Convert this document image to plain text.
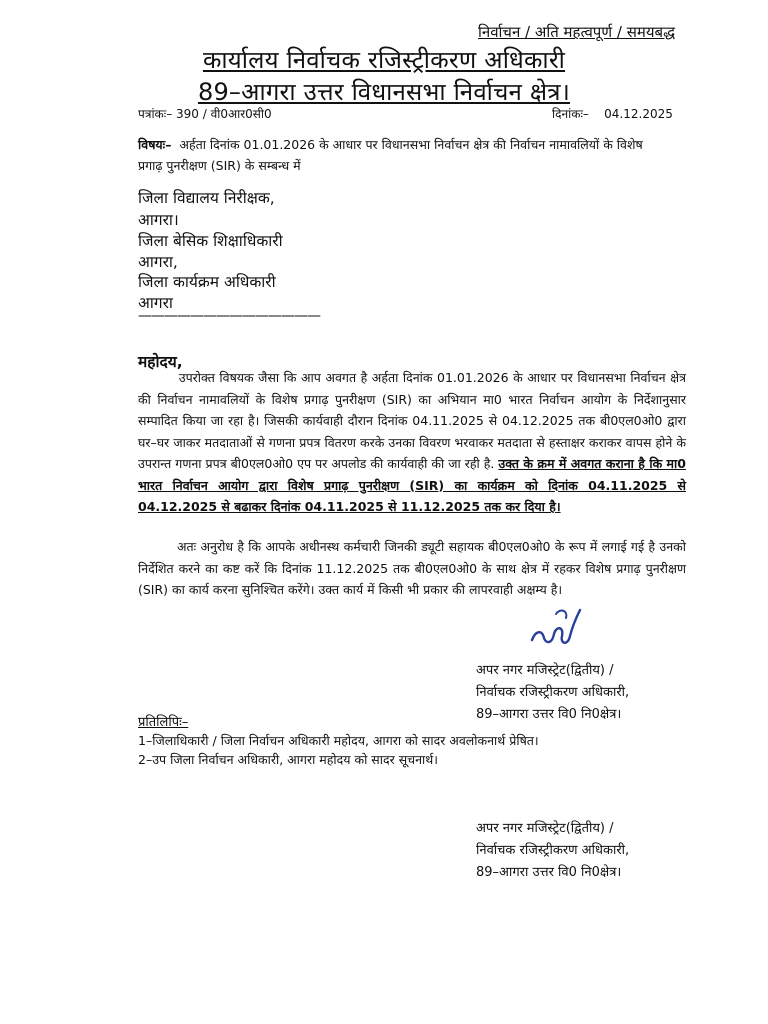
निर्वाचन / अति महत्वपूर्ण / समयबद्ध
कार्यालय निर्वाचक रजिस्ट्रीकरण अधिकारी
89–आगरा उत्तर विधानसभा निर्वाचन क्षेत्र।
पत्रांकः– 390 / वी0आर0सी0	दिनांकः– 04.12.2025
विषयः– अर्हता दिनांक 01.01.2026 के आधार पर विधानसभा निर्वाचन क्षेत्र की निर्वाचन नामावलियों के विशेष प्रगाढ़ पुनरीक्षण (SIR) के सम्बन्ध में
जिला विद्यालय निरीक्षक,
आगरा।
जिला बेसिक शिक्षाधिकारी
आगरा,
जिला कार्यक्रम अधिकारी
आगरा
——————————————
महोदय,
उपरोक्त विषयक जैसा कि आप अवगत है अर्हता दिनांक 01.01.2026 के आधार पर विधानसभा निर्वाचन क्षेत्र की निर्वाचन नामावलियों के विशेष प्रगाढ़ पुनरीक्षण (SIR) का अभियान मा0 भारत निर्वाचन आयोग के निर्देशानुसार सम्पादित किया जा रहा है। जिसकी कार्यवाही दौरान दिनांक 04.11.2025 से 04.12.2025 तक बी0एल0ओ0 द्वारा घर–घर जाकर मतदाताओं से गणना प्रपत्र वितरण करके उनका विवरण भरवाकर मतदाता से हस्ताक्षर कराकर वापस होने के उपरान्त गणना प्रपत्र बी0एल0ओ0 एप पर अपलोड की कार्यवाही की जा रही है. उक्त के क्रम में अवगत कराना है कि मा0 भारत निर्वाचन आयोग द्वारा विशेष प्रगाढ़ पुनरीक्षण (SIR) का कार्यक्रम को दिनांक 04.11.2025 से 04.12.2025 से बढाकर दिनांक 04.11.2025 से 11.12.2025 तक कर दिया है।
अतः अनुरोध है कि आपके अधीनस्थ कर्मचारी जिनकी ड्यूटी सहायक बी0एल0ओ0 के रूप में लगाई गई है उनको निर्देशित करने का कष्ट करें कि दिनांक 11.12.2025 तक बी0एल0ओ0 के साथ क्षेत्र में रहकर विशेष प्रगाढ़ पुनरीक्षण (SIR) का कार्य करना सुनिश्चित करेंगे। उक्त कार्य में किसी भी प्रकार की लापरवाही अक्षम्य है।
अपर नगर मजिस्ट्रेट(द्वितीय) /
निर्वाचक रजिस्ट्रीकरण अधिकारी,
89–आगरा उत्तर वि0 नि0क्षेत्र।
प्रतिलिपिः–
1–जिलाधिकारी / जिला निर्वाचन अधिकारी महोदय, आगरा को सादर अवलोकनार्थ प्रेषित।
2–उप जिला निर्वाचन अधिकारी, आगरा महोदय को सादर सूचनार्थ।
अपर नगर मजिस्ट्रेट(द्वितीय) /
निर्वाचक रजिस्ट्रीकरण अधिकारी,
89–आगरा उत्तर वि0 नि0क्षेत्र।
